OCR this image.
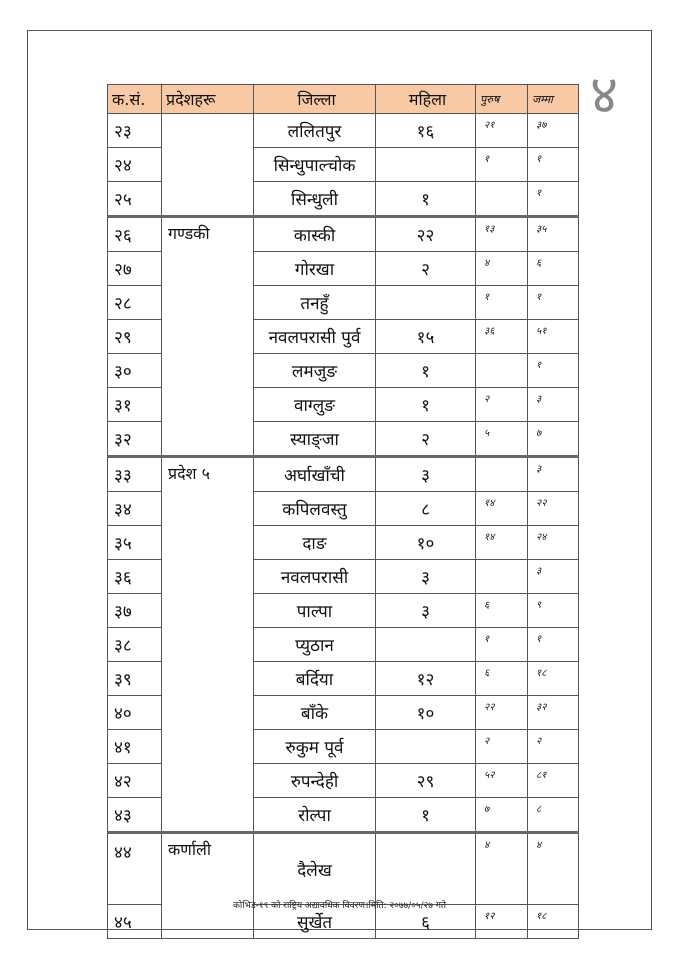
४
क.सं.	प्रदेशहरू	जिल्ला	महिला	पुरुष	जम्मा
२३		ललितपुर	१६	२१	३७
२४		सिन्धुपाल्चोक		१	१
२५		सिन्धुली	१		१
२६	गण्डकी	कास्की	२२	१३	३५
२७		गोरखा	२	४	६
२८		तनहुँ		१	१
२९		नवलपरासी पुर्व	१५	३६	५१
३०		लमजुङ	१		१
३१		वाग्लुङ	१	२	३
३२		स्याङ्जा	२	५	७
३३	प्रदेश ५	अर्घाखाँची	३		३
३४		कपिलवस्तु	८	१४	२२
३५		दाङ	१०	१४	२४
३६		नवलपरासी	३		३
३७		पाल्पा	३	६	९
३८		प्युठान		१	१
३९		बर्दिया	१२	६	१८
४०		बाँके	१०	२२	३२
४१		रुकुम पूर्व		२	२
४२		रुपन्देही	२९	५२	८१
४३		रोल्पा	१	७	८
४४	कर्णाली	दैलेख		४	४
४५		सुर्खेत	६	१२	१८
कोभिड-१९ को राष्ट्रिय अद्यावधिक विवरण।मिति: २०७७/०५/२७ गते
